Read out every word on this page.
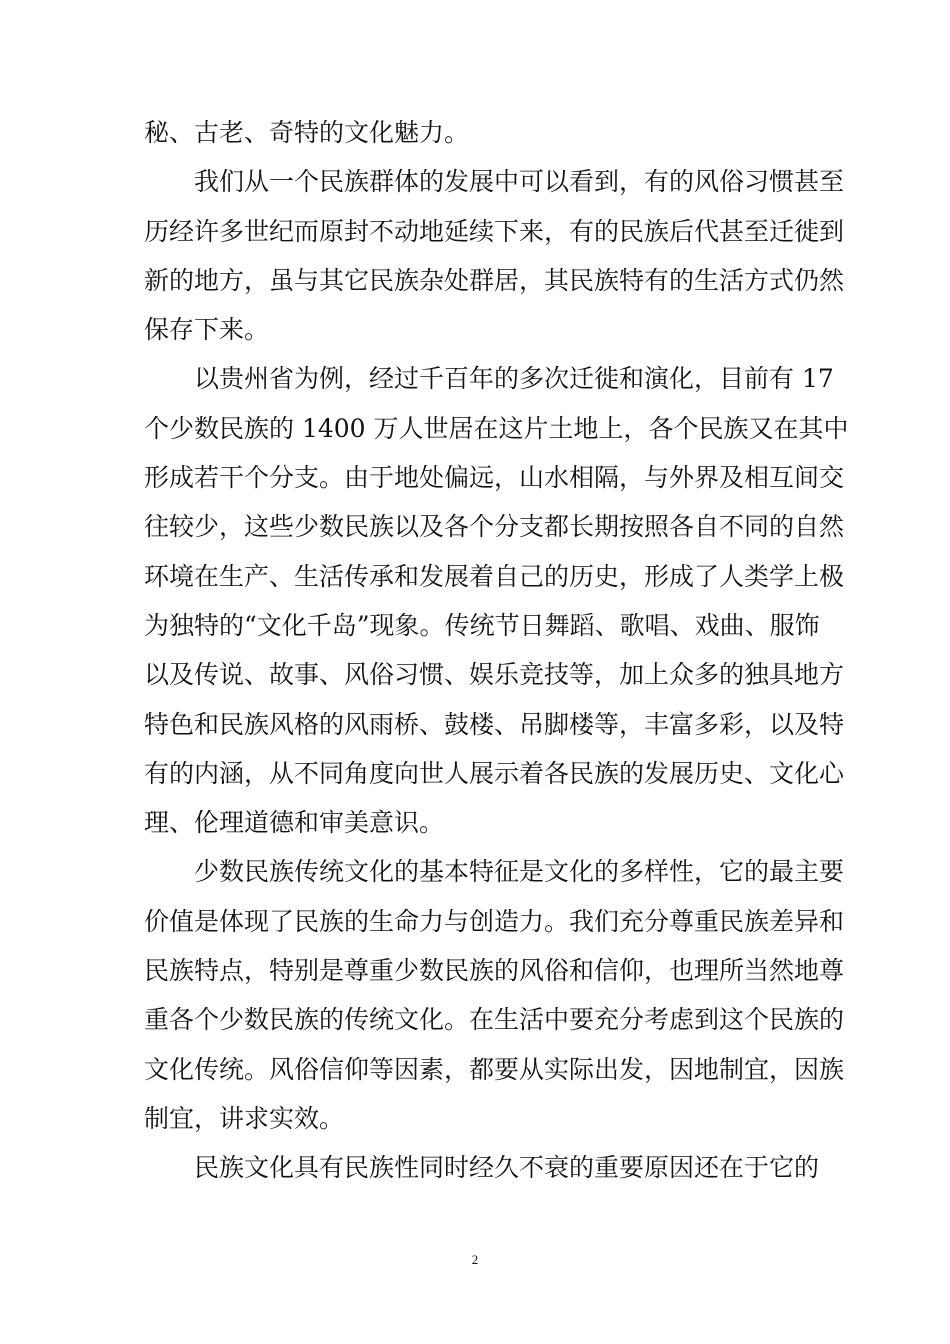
秘、古老、奇特的文化魅力。
我们从一个民族群体的发展中可以看到，有的风俗习惯甚至
历经许多世纪而原封不动地延续下来，有的民族后代甚至迁徙到
新的地方，虽与其它民族杂处群居，其民族特有的生活方式仍然
保存下来。
以贵州省为例，经过千百年的多次迁徙和演化，目前有 17
个少数民族的 1400 万人世居在这片土地上，各个民族又在其中
形成若干个分支。由于地处偏远，山水相隔，与外界及相互间交
往较少，这些少数民族以及各个分支都长期按照各自不同的自然
环境在生产、生活传承和发展着自己的历史，形成了人类学上极
为独特的“文化千岛”现象。传统节日舞蹈、歌唱、戏曲、服饰
以及传说、故事、风俗习惯、娱乐竞技等，加上众多的独具地方
特色和民族风格的风雨桥、鼓楼、吊脚楼等，丰富多彩，以及特
有的内涵，从不同角度向世人展示着各民族的发展历史、文化心
理、伦理道德和审美意识。
少数民族传统文化的基本特征是文化的多样性，它的最主要
价值是体现了民族的生命力与创造力。我们充分尊重民族差异和
民族特点，特别是尊重少数民族的风俗和信仰，也理所当然地尊
重各个少数民族的传统文化。在生活中要充分考虑到这个民族的
文化传统。风俗信仰等因素，都要从实际出发，因地制宜，因族
制宜，讲求实效。
民族文化具有民族性同时经久不衰的重要原因还在于它的
2
